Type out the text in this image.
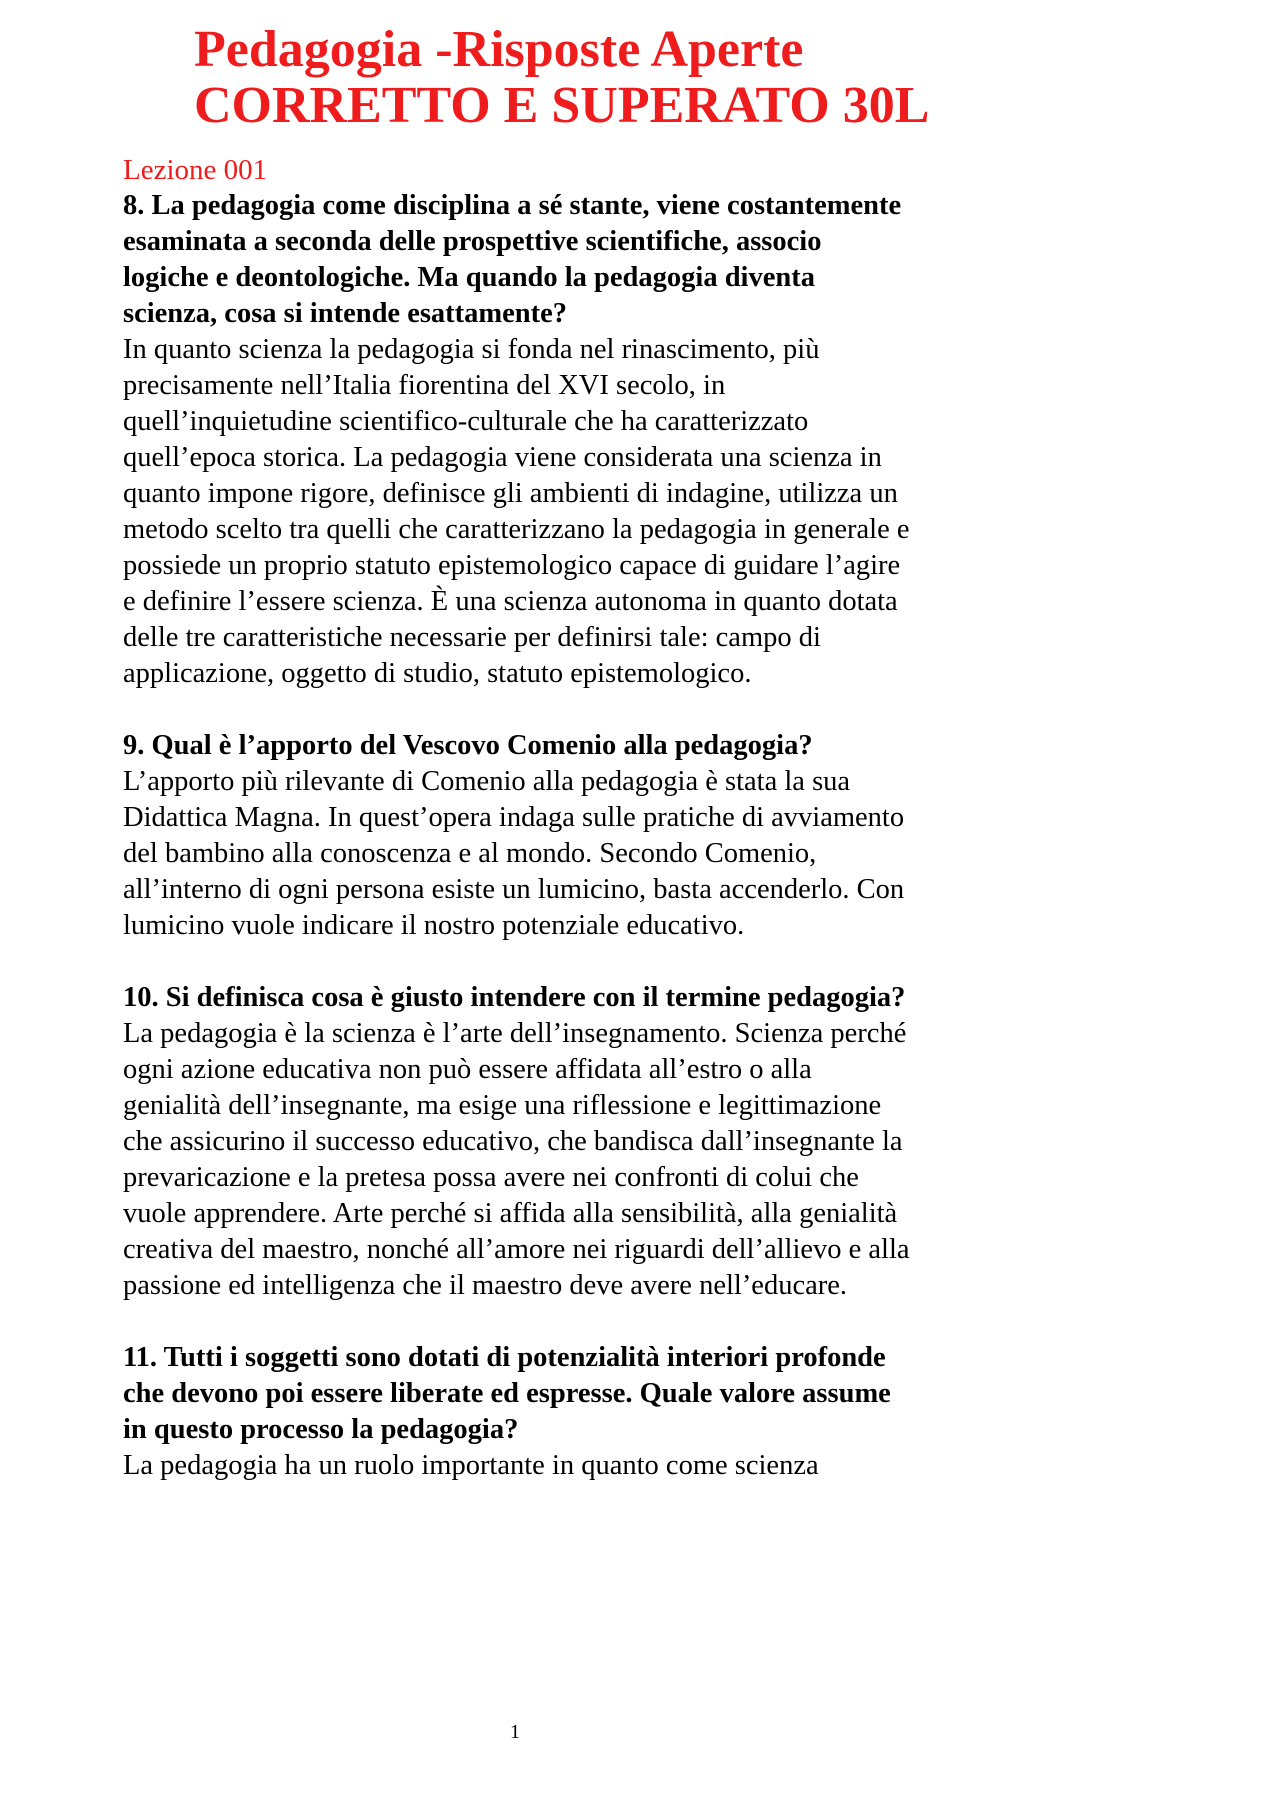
Pedagogia -Risposte Aperte
CORRETTO E SUPERATO 30L

Lezione 001

8. La pedagogia come disciplina a sé stante, viene costantemente esaminata a seconda delle prospettive scientifiche, associo logiche e deontologiche. Ma quando la pedagogia diventa scienza, cosa si intende esattamente?

In quanto scienza la pedagogia si fonda nel rinascimento, più precisamente nell’Italia fiorentina del XVI secolo, in quell’inquietudine scientifico-culturale che ha caratterizzato quell’epoca storica. La pedagogia viene considerata una scienza in quanto impone rigore, definisce gli ambienti di indagine, utilizza un metodo scelto tra quelli che caratterizzano la pedagogia in generale e possiede un proprio statuto epistemologico capace di guidare l’agire e definire l’essere scienza. È una scienza autonoma in quanto dotata delle tre caratteristiche necessarie per definirsi tale: campo di applicazione, oggetto di studio, statuto epistemologico.

9. Qual è l’apporto del Vescovo Comenio alla pedagogia?

L’apporto più rilevante di Comenio alla pedagogia è stata la sua Didattica Magna. In quest’opera indaga sulle pratiche di avviamento del bambino alla conoscenza e al mondo. Secondo Comenio, all’interno di ogni persona esiste un lumicino, basta accenderlo. Con lumicino vuole indicare il nostro potenziale educativo.

10. Si definisca cosa è giusto intendere con il termine pedagogia?

La pedagogia è la scienza è l’arte dell’insegnamento. Scienza perché ogni azione educativa non può essere affidata all’estro o alla genialità dell’insegnante, ma esige una riflessione e legittimazione che assicurino il successo educativo, che bandisca dall’insegnante la prevaricazione e la pretesa possa avere nei confronti di colui che vuole apprendere. Arte perché si affida alla sensibilità, alla genialità creativa del maestro, nonché all’amore nei riguardi dell’allievo e alla passione ed intelligenza che il maestro deve avere nell’educare.

11. Tutti i soggetti sono dotati di potenzialità interiori profonde che devono poi essere liberate ed espresse. Quale valore assume in questo processo la pedagogia?

La pedagogia ha un ruolo importante in quanto come scienza

1
